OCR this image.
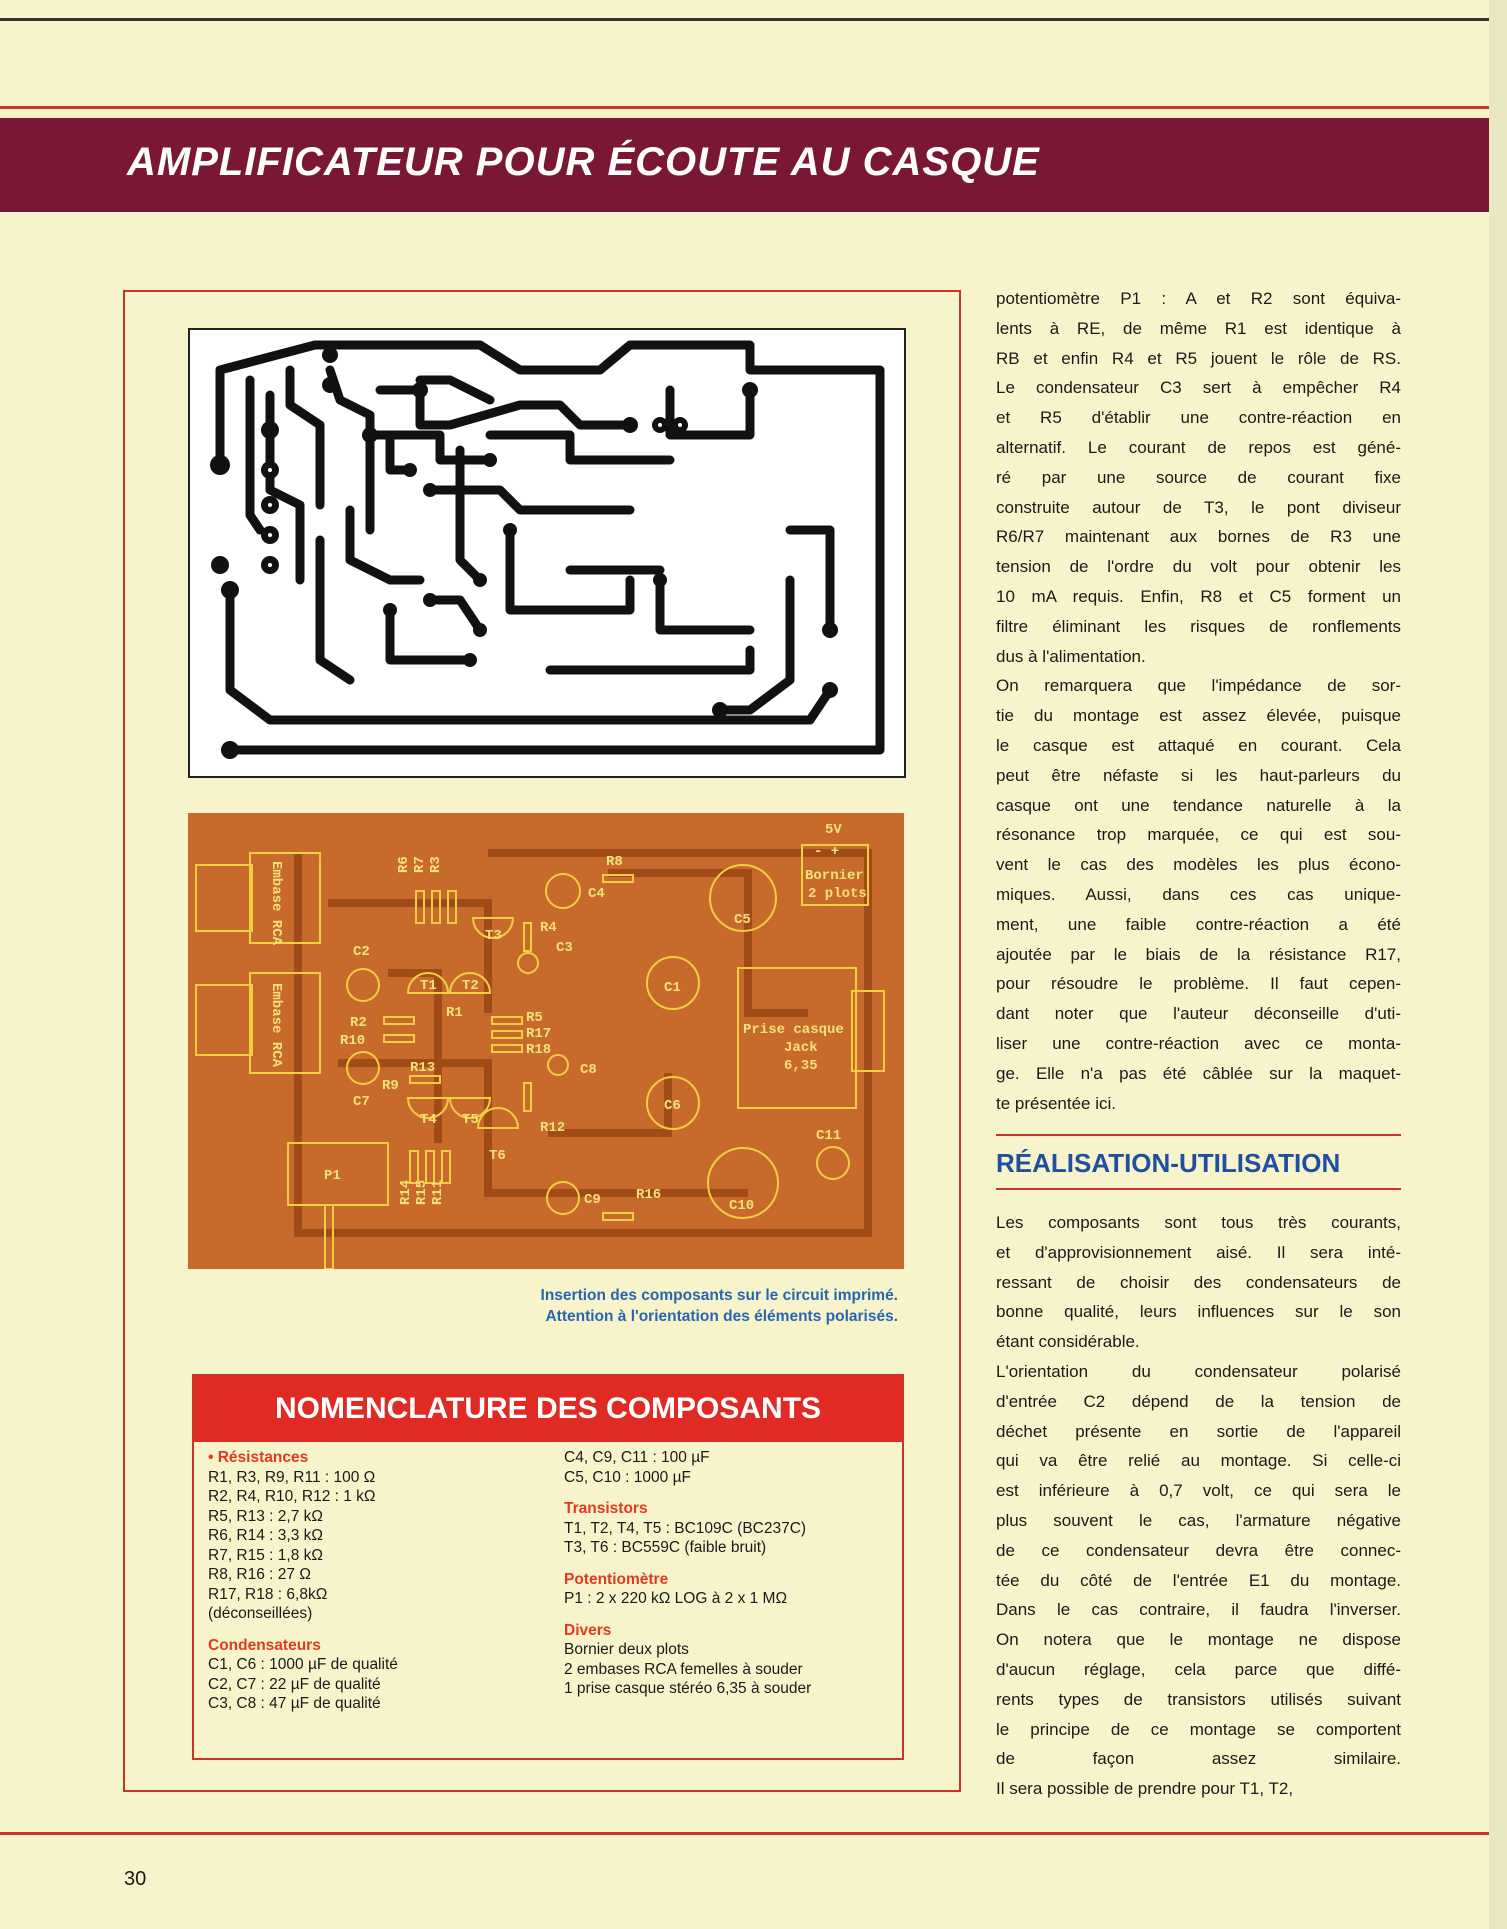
AMPLIFICATEUR POUR ÉCOUTE AU CASQUE
5V
- +
Bornier
2 plots
Prise casque
Jack
6,35
Embase RCA
Embase RCA
R6 R7 R3
R14 R15 R11
R8
R4
R1
R2
R10
R5
R17
R18
R13
R9
R12
R16
C1
C2	C3
C4
C5
C6
C7
C8
C9	C10
C11
T1 T2
T3
T4 T5
T6
P1
Insertion des composants sur le circuit imprimé.
Attention à l'orientation des éléments polarisés.
NOMENCLATURE DES COMPOSANTS
• Résistances
R1, R3, R9, R11 : 100 Ω
R2, R4, R10, R12 : 1 kΩ
R5, R13 : 2,7 kΩ
R6, R14 : 3,3 kΩ
R7, R15 : 1,8 kΩ
R8, R16 : 27 Ω
R17, R18 : 6,8kΩ
(déconseillées)
Condensateurs
C1, C6 : 1000 µF de qualité
C2, C7 : 22 µF de qualité
C3, C8 : 47 µF de qualité
C4, C9, C11 : 100 µF
C5, C10 : 1000 µF
Transistors
T1, T2, T4, T5 : BC109C (BC237C)
T3, T6 : BC559C (faible bruit)
Potentiomètre
P1 : 2 x 220 kΩ LOG à 2 x 1 MΩ
Divers
Bornier deux plots
2 embases RCA femelles à souder
1 prise casque stéréo 6,35 à souder

potentiomètre P1 : A et R2 sont équiva-
lents à RE, de même R1 est identique à
RB et enfin R4 et R5 jouent le rôle de RS.
Le condensateur C3 sert à empêcher R4
et R5 d'établir une contre-réaction en
alternatif. Le courant de repos est géné-
ré par une source de courant fixe
construite autour de T3, le pont diviseur
R6/R7 maintenant aux bornes de R3 une
tension de l'ordre du volt pour obtenir les
10 mA requis. Enfin, R8 et C5 forment un
filtre éliminant les risques de ronflements
dus à l'alimentation.

On remarquera que l'impédance de sor-
tie du montage est assez élevée, puisque
le casque est attaqué en courant. Cela
peut être néfaste si les haut-parleurs du
casque ont une tendance naturelle à la
résonance trop marquée, ce qui est sou-
vent le cas des modèles les plus écono-
miques. Aussi, dans ces cas unique-
ment, une faible contre-réaction a été
ajoutée par le biais de la résistance R17,
pour résoudre le problème. Il faut cepen-
dant noter que l'auteur déconseille d'uti-
liser une contre-réaction avec ce monta-
ge. Elle n'a pas été câblée sur la maquet-
te présentée ici.

RÉALISATION-UTILISATION

Les composants sont tous très courants,
et d'approvisionnement aisé. Il sera inté-
ressant de choisir des condensateurs de
bonne qualité, leurs influences sur le son
étant considérable.

L'orientation du condensateur polarisé
d'entrée C2 dépend de la tension de
déchet présente en sortie de l'appareil
qui va être relié au montage. Si celle-ci
est inférieure à 0,7 volt, ce qui sera le
plus souvent le cas, l'armature négative
de ce condensateur devra être connec-
tée du côté de l'entrée E1 du montage.
Dans le cas contraire, il faudra l'inverser.
On notera que le montage ne dispose
d'aucun réglage, cela parce que diffé-
rents types de transistors utilisés suivant
le principe de ce montage se comportent
de façon assez similaire.
Il sera possible de prendre pour T1, T2,

30
